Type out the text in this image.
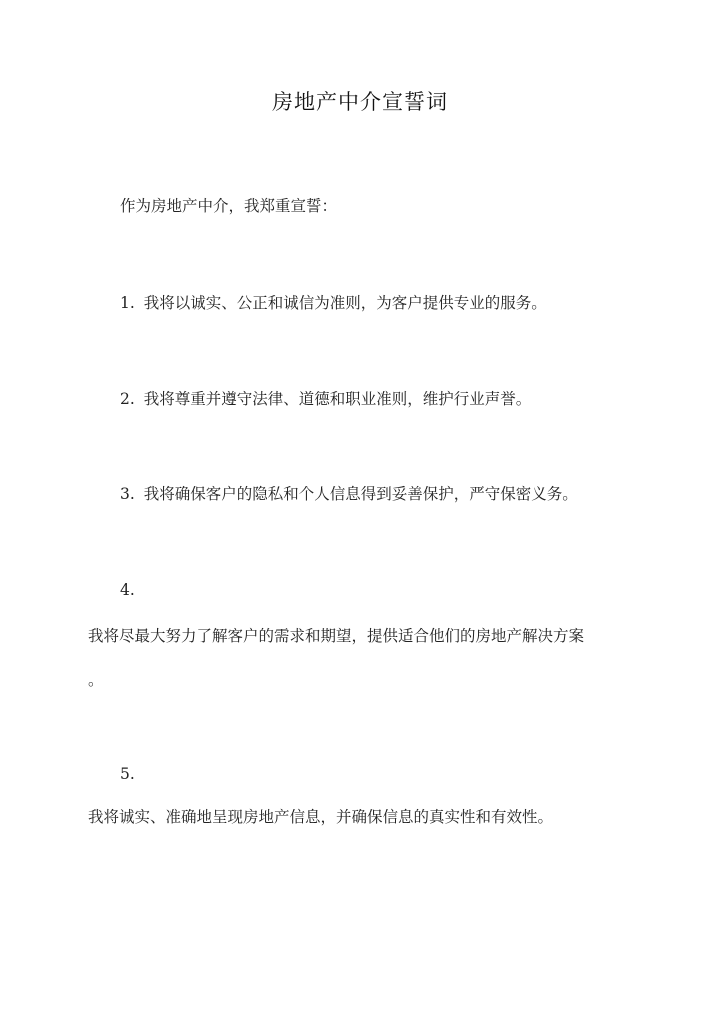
房地产中介宣誓词

作为房地产中介，我郑重宣誓：

1. 我将以诚实、公正和诚信为准则，为客户提供专业的服务。

2. 我将尊重并遵守法律、道德和职业准则，维护行业声誉。

3. 我将确保客户的隐私和个人信息得到妥善保护，严守保密义务。

4.

我将尽最大努力了解客户的需求和期望，提供适合他们的房地产解决方案

。

5.

我将诚实、准确地呈现房地产信息，并确保信息的真实性和有效性。
